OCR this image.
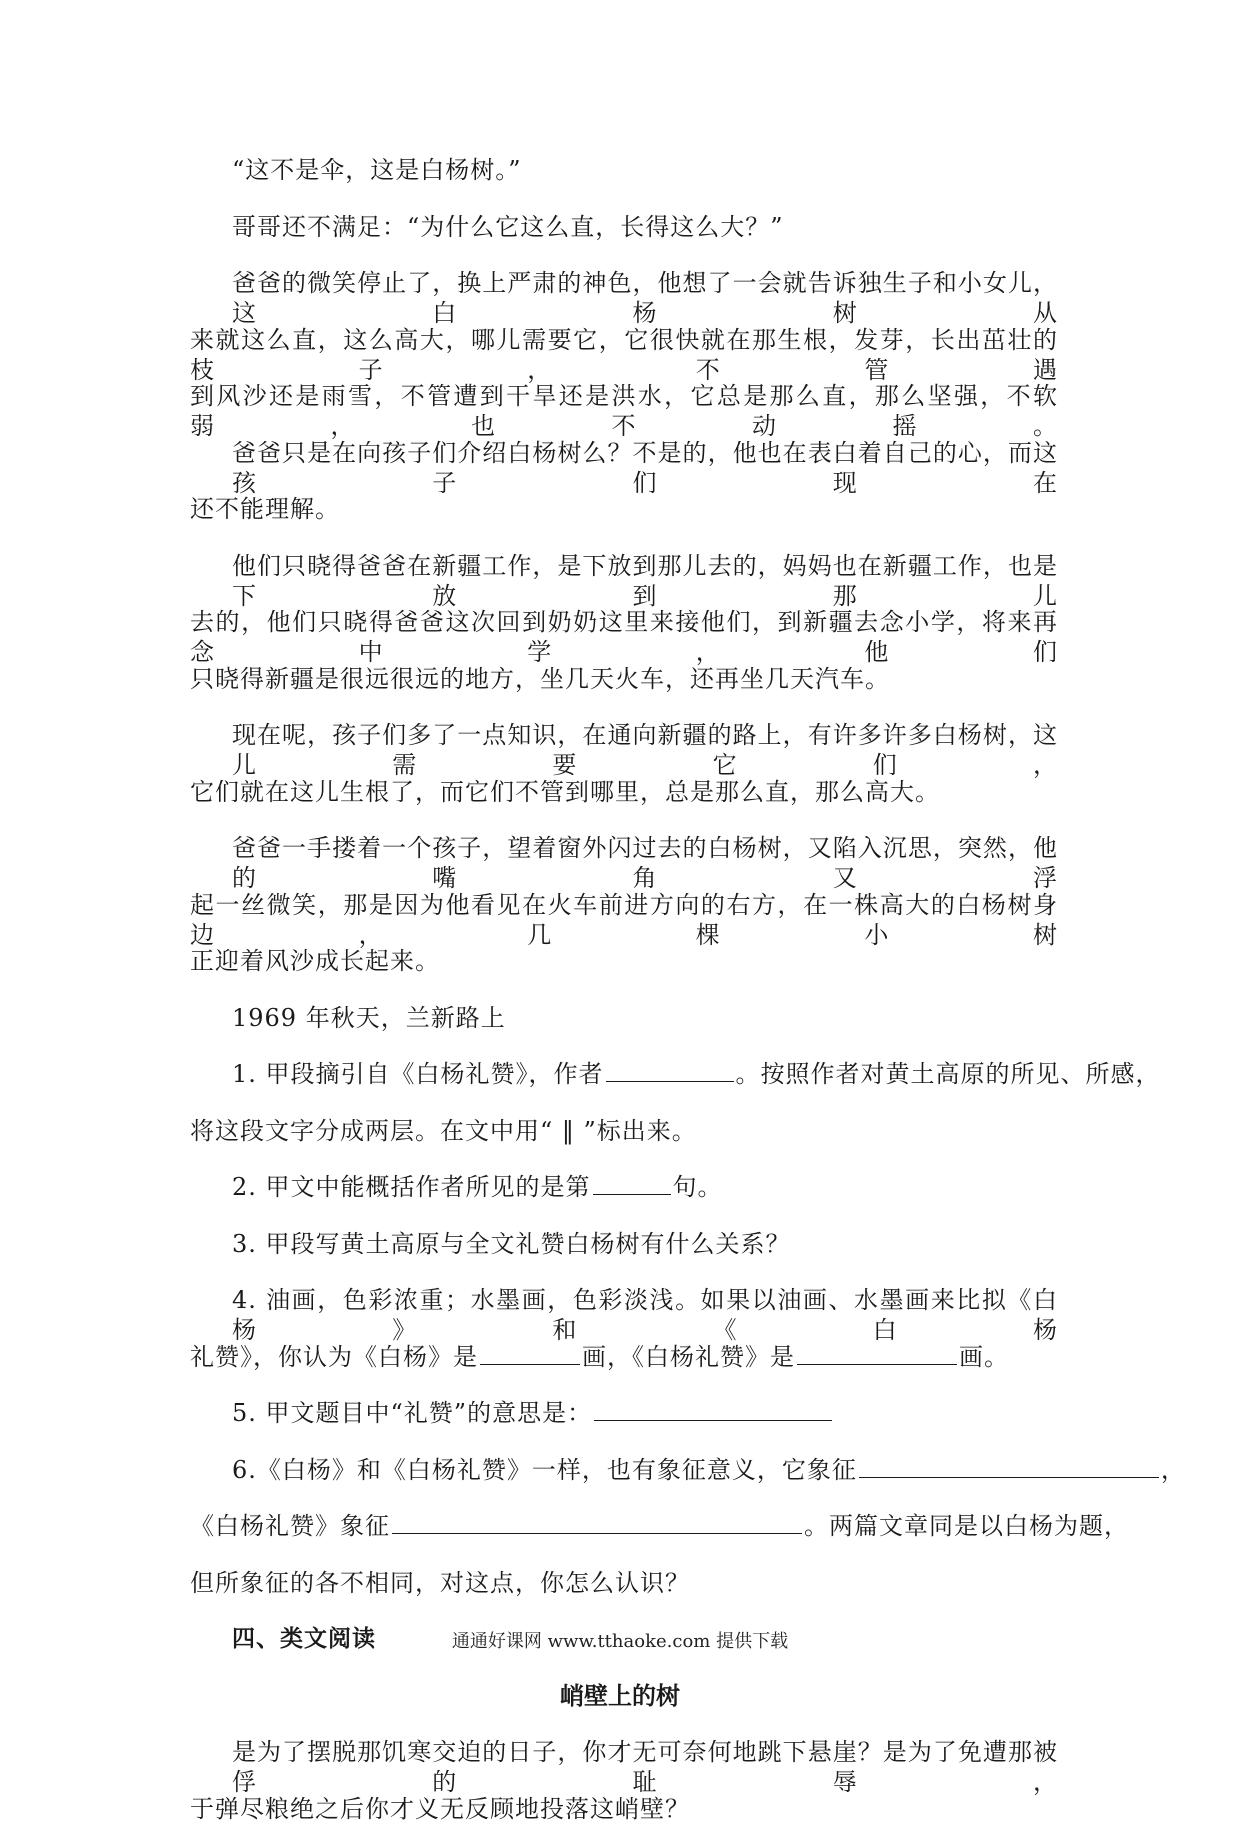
“这不是伞，这是白杨树。”
哥哥还不满足：“为什么它这么直，长得这么大？”
爸爸的微笑停止了，换上严肃的神色，他想了一会就告诉独生子和小女儿，这白杨树从
来就这么直，这么高大，哪儿需要它，它很快就在那生根，发芽，长出茁壮的枝子，不管遇
到风沙还是雨雪，不管遭到干旱还是洪水，它总是那么直，那么坚强，不软弱，也不动摇。
爸爸只是在向孩子们介绍白杨树么？不是的，他也在表白着自己的心，而这孩子们现在
还不能理解。
他们只晓得爸爸在新疆工作，是下放到那儿去的，妈妈也在新疆工作，也是下放到那儿
去的，他们只晓得爸爸这次回到奶奶这里来接他们，到新疆去念小学，将来再念中学，他们
只晓得新疆是很远很远的地方，坐几天火车，还再坐几天汽车。
现在呢，孩子们多了一点知识，在通向新疆的路上，有许多许多白杨树，这儿需要它们，
它们就在这儿生根了，而它们不管到哪里，总是那么直，那么高大。
爸爸一手搂着一个孩子，望着窗外闪过去的白杨树，又陷入沉思，突然，他的嘴角又浮
起一丝微笑，那是因为他看见在火车前进方向的右方，在一株高大的白杨树身边，几棵小树
正迎着风沙成长起来。
1969 年秋天，兰新路上
1. 甲段摘引自《白杨礼赞》，作者	。按照作者对黄土高原的所见、所感，
将这段文字分成两层。在文中用“ ‖ ”标出来。
2. 甲文中能概括作者所见的是第	句。
3. 甲段写黄土高原与全文礼赞白杨树有什么关系？
4. 油画，色彩浓重；水墨画，色彩淡浅。如果以油画、水墨画来比拟《白杨》和《白杨
礼赞》，你认为《白杨》是	画，《白杨礼赞》是	画。
5. 甲文题目中“礼赞”的意思是：
6.《白杨》和《白杨礼赞》一样，也有象征意义，它象征	，
《白杨礼赞》象征	。两篇文章同是以白杨为题，
但所象征的各不相同，对这点，你怎么认识？
四、类文阅读
峭壁上的树
是为了摆脱那饥寒交迫的日子，你才无可奈何地跳下悬崖？是为了免遭那被俘的耻辱，
于弹尽粮绝之后你才义无反顾地投落这峭壁？
通通好课网 www.tthaoke.com 提供下载
